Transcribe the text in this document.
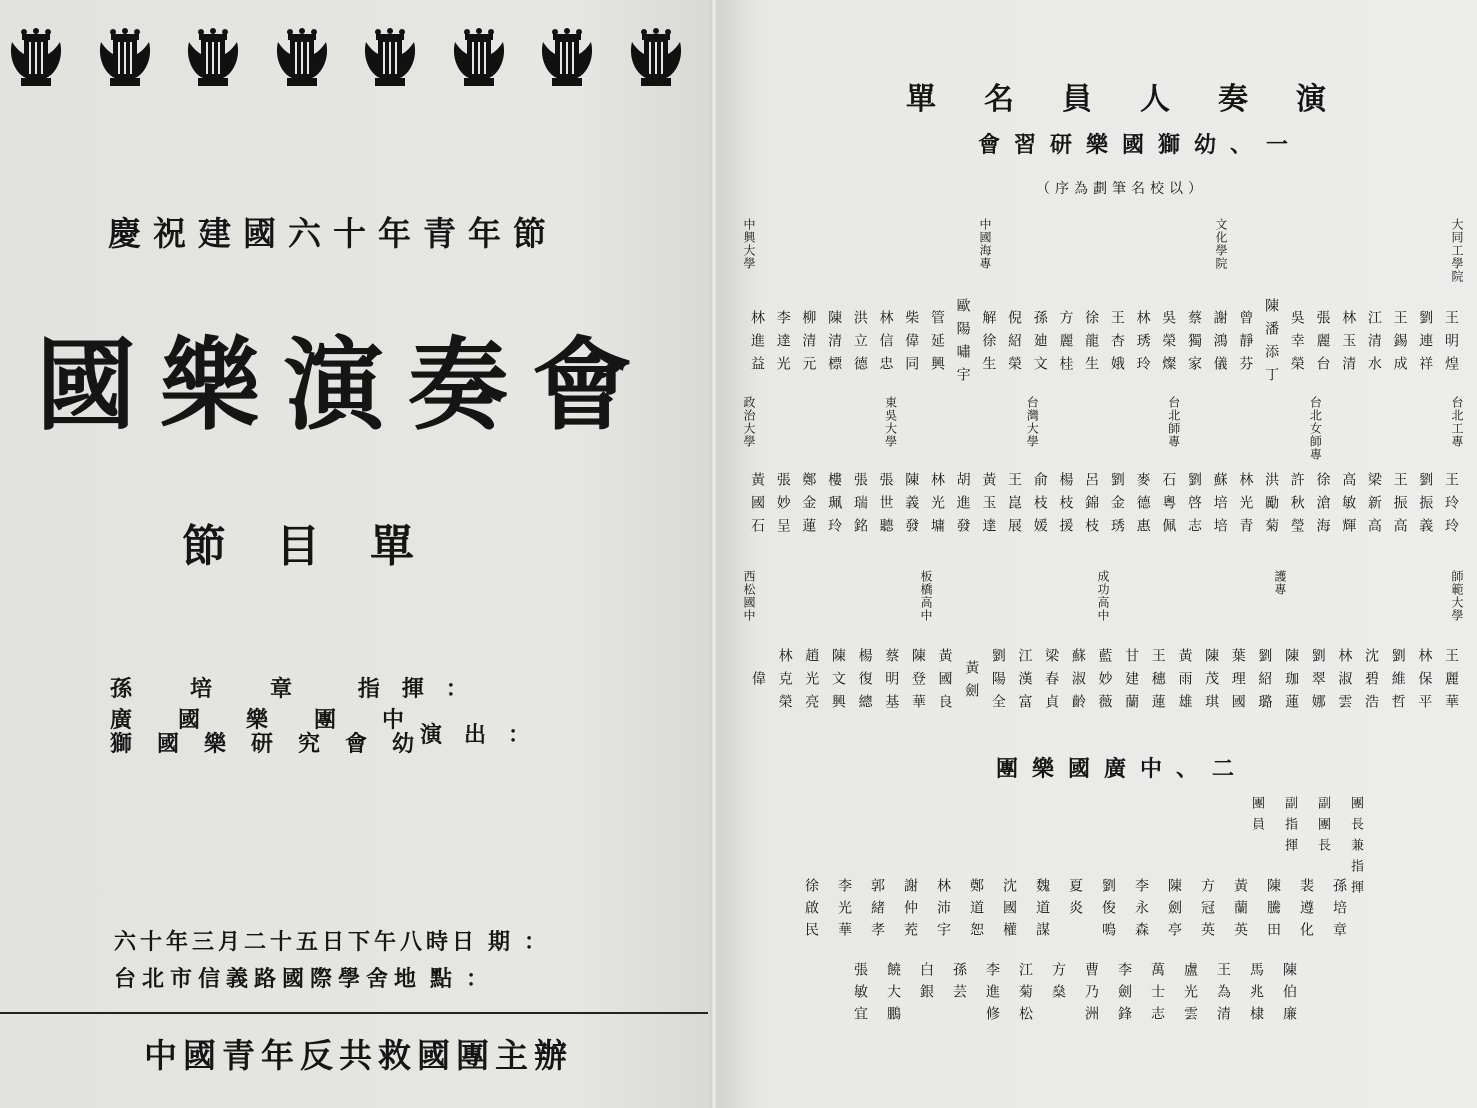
慶祝建國六十年青年節
國樂演奏會
節目單
孫培章 指揮：
廣國樂團中
獅國樂研究會幼 演出：
六十年三月二十五日下午八時日期：
台北市信義路國際學舍地點：
中國青年反共救國團主辦
演奏人員名單
一、幼獅國樂研習會
（以校名筆劃為序）
大同工學院
文化學院
中國海專
中興大學
王明煌
劉連祥
王錫成
江清水
林玉清
張麗台
吳幸榮
陳潘添丁
曾靜芬
謝鴻儀
蔡獨家
吳榮燦
林琇玲
王杏娥
徐龍生
方麗桂
孫廸文
倪紹榮
解徐生
歐陽嘯宇
管延興
柴偉同
林信忠
洪立德
陳清標
柳清元
李達光
林進益
台北工專
台北女師專
台北師專
台灣大學
東吳大學
政治大學
王玲玲
劉振義
王振高
梁新高
高敏輝
徐滄海
許秋瑩
洪勵菊
林光青
蘇培培
劉啓志
石粵佩
麥德惠
劉金琇
呂錦枝
楊枝援
俞枝媛
王崑展
黃玉達
胡進發
林光墉
陳義發
張世聽
張瑞銘
樓珮玲
鄭金蓮
張妙呈
黃國石
師範大學
護專
成功高中
板橋高中
西松國中
王麗華
林保平
劉維哲
沈碧浩
林淑雲
劉翠娜
陳珈蓮
劉紹璐
葉理國
陳茂琪
黃雨雄
王穗蓮
甘建蘭
藍妙薇
蘇淑齡
梁春貞
江漢富
劉陽全
黃劍
黃國良
陳登華
蔡明基
楊復總
陳文興
趙光亮
林克榮
偉
二、中廣國樂團
團長兼指揮
副團長
副指揮
團員
孫培章
裴遵化
陳騰田
黃蘭英
方冠英
陳劍亭
李永森
劉俊鳴
夏炎
魏道謀
沈國權
鄭道恕
林沛宇
謝仲茺
郭緒孝
李光華
徐啟民
陳伯廉
馬兆棣
王為清
盧光雲
萬士志
李劍鋒
曹乃洲
方燊
江菊松
李進修
孫芸
白銀
饒大鵬
張敏宜
